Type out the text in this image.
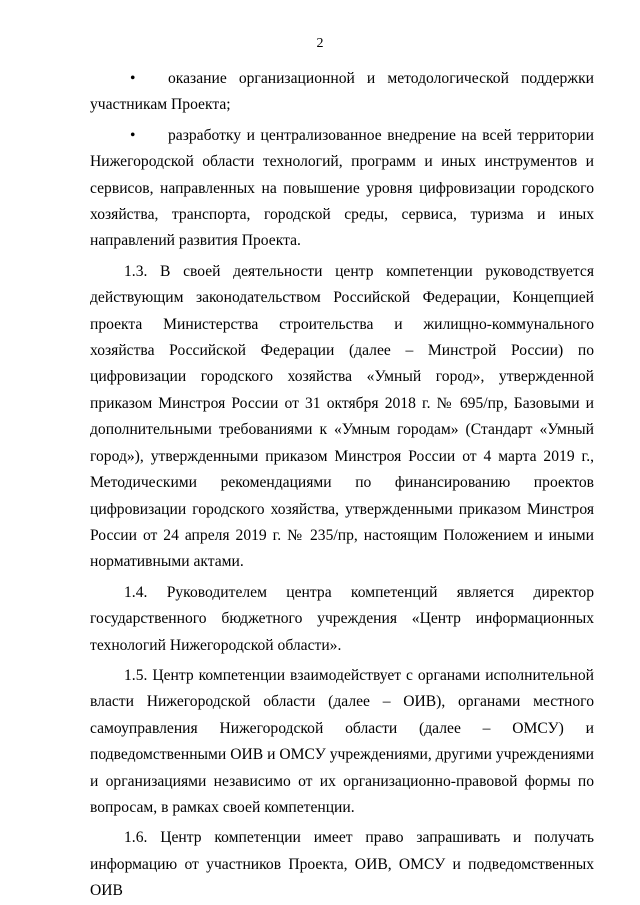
2

• оказание организационной и методологической поддержки участникам Проекта;

• разработку и централизованное внедрение на всей территории Нижегородской области технологий, программ и иных инструментов и сервисов, направленных на повышение уровня цифровизации городского хозяйства, транспорта, городской среды, сервиса, туризма и иных направлений развития Проекта.

1.3. В своей деятельности центр компетенции руководствуется действующим законодательством Российской Федерации, Концепцией проекта Министерства строительства и жилищно-коммунального хозяйства Российской Федерации (далее – Минстрой России) по цифровизации городского хозяйства «Умный город», утвержденной приказом Минстроя России от 31 октября 2018 г. № 695/пр, Базовыми и дополнительными требованиями к «Умным городам» (Стандарт «Умный город»), утвержденными приказом Минстроя России от 4 марта 2019 г., Методическими рекомендациями по финансированию проектов цифровизации городского хозяйства, утвержденными приказом Минстроя России от 24 апреля 2019 г. № 235/пр, настоящим Положением и иными нормативными актами.

1.4. Руководителем центра компетенций является директор государственного бюджетного учреждения «Центр информационных технологий Нижегородской области».

1.5. Центр компетенции взаимодействует с органами исполнительной власти Нижегородской области (далее – ОИВ), органами местного самоуправления Нижегородской области (далее – ОМСУ) и подведомственными ОИВ и ОМСУ учреждениями, другими учреждениями и организациями независимо от их организационно-правовой формы по вопросам, в рамках своей компетенции.

1.6. Центр компетенции имеет право запрашивать и получать информацию от участников Проекта, ОИВ, ОМСУ и подведомственных ОИВ
